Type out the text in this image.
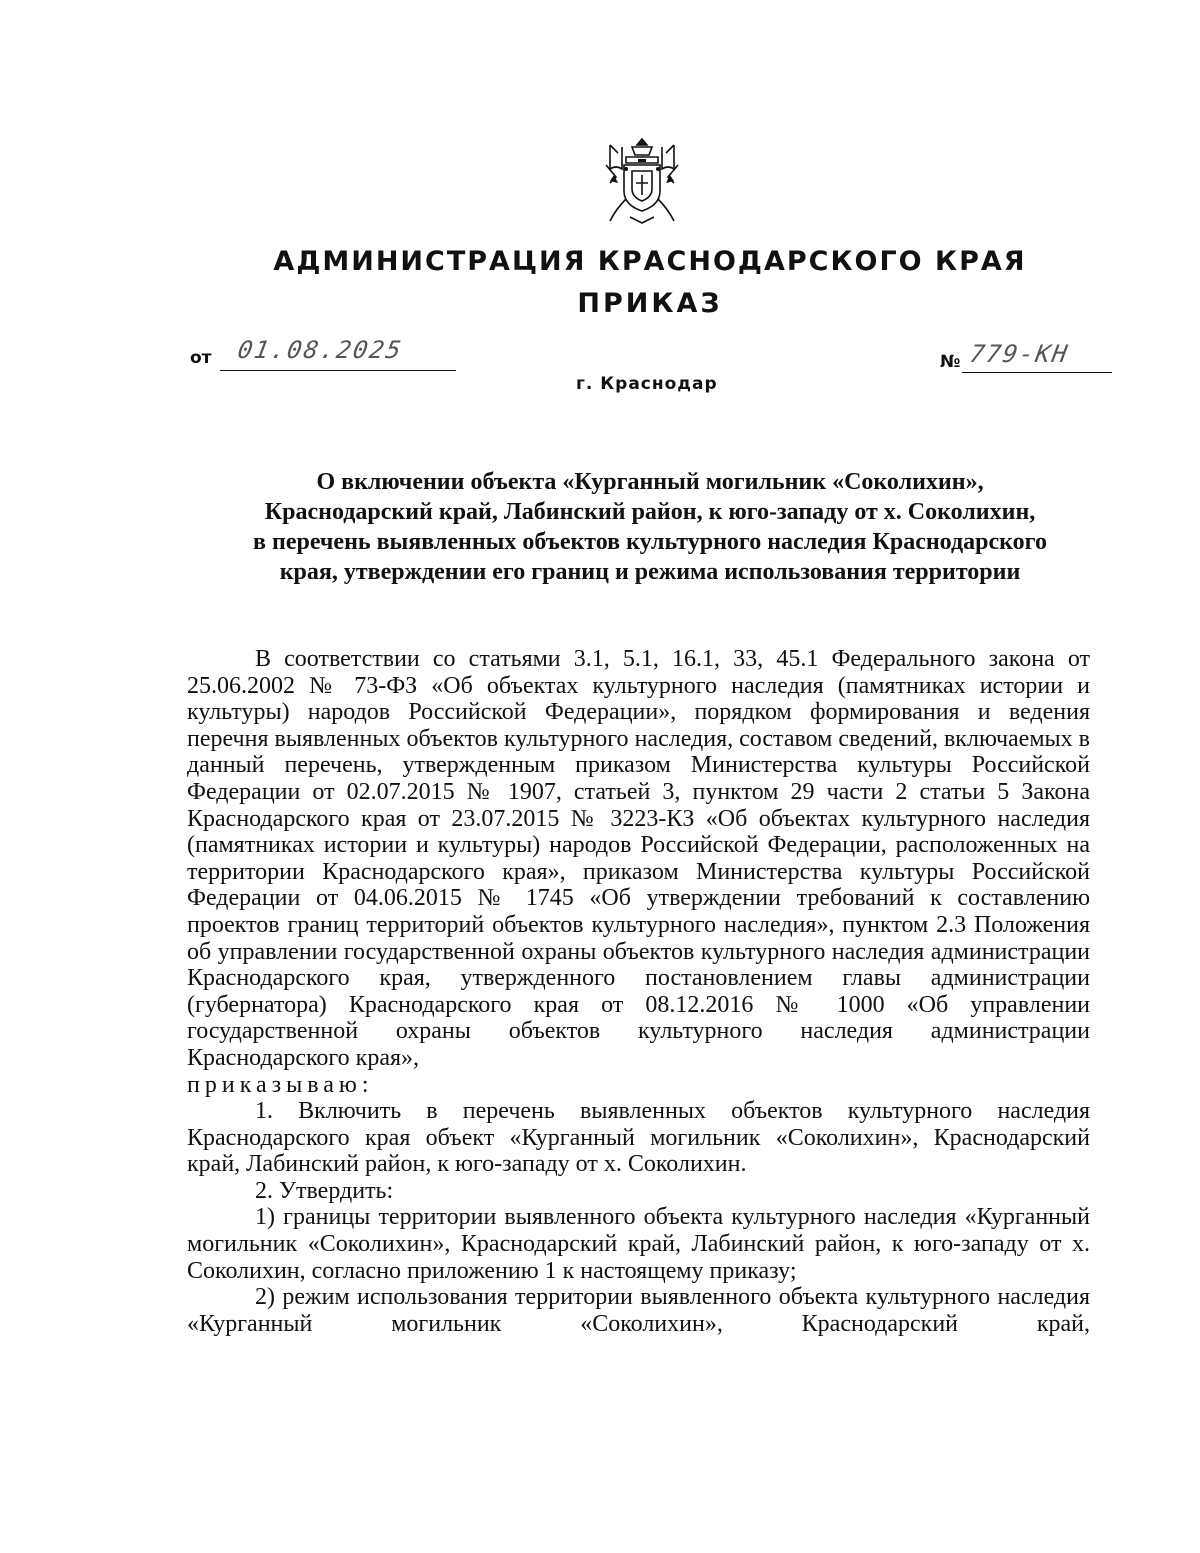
АДМИНИСТРАЦИЯ КРАСНОДАРСКОГО КРАЯ
ПРИКАЗ
от 01.08.2025
г. Краснодар
№ 779-КН
О включении объекта «Курганный могильник «Соколихин»,
Краснодарский край, Лабинский район, к юго-западу от х. Соколихин,
в перечень выявленных объектов культурного наследия Краснодарского
края, утверждении его границ и режима использования территории

В соответствии со статьями 3.1, 5.1, 16.1, 33, 45.1 Федерального закона от 25.06.2002 № 73-ФЗ «Об объектах культурного наследия (памятниках истории и культуры) народов Российской Федерации», порядком формирования и ведения перечня выявленных объектов культурного наследия, составом сведений, включаемых в данный перечень, утвержденным приказом Министерства культуры Российской Федерации от 02.07.2015 № 1907, статьей 3, пунктом 29 части 2 статьи 5 Закона Краснодарского края от 23.07.2015 № 3223-КЗ «Об объектах культурного наследия (памятниках истории и культуры) народов Российской Федерации, расположенных на территории Краснодарского края», приказом Министерства культуры Российской Федерации от 04.06.2015 № 1745 «Об утверждении требований к составлению проектов границ территорий объектов культурного наследия», пунктом 2.3 Положения об управлении государственной охраны объектов культурного наследия администрации Краснодарского края, утвержденного постановлением главы администрации (губернатора) Краснодарского края от 08.12.2016 № 1000 «Об управлении государственной охраны объектов культурного наследия администрации Краснодарского края»,

приказываю:

1. Включить в перечень выявленных объектов культурного наследия Краснодарского края объект «Курганный могильник «Соколихин», Краснодарский край, Лабинский район, к юго-западу от х. Соколихин.

2. Утвердить:

1) границы территории выявленного объекта культурного наследия «Курганный могильник «Соколихин», Краснодарский край, Лабинский район, к юго-западу от х. Соколихин, согласно приложению 1 к настоящему приказу;

2) режим использования территории выявленного объекта культурного наследия «Курганный могильник «Соколихин», Краснодарский край,
